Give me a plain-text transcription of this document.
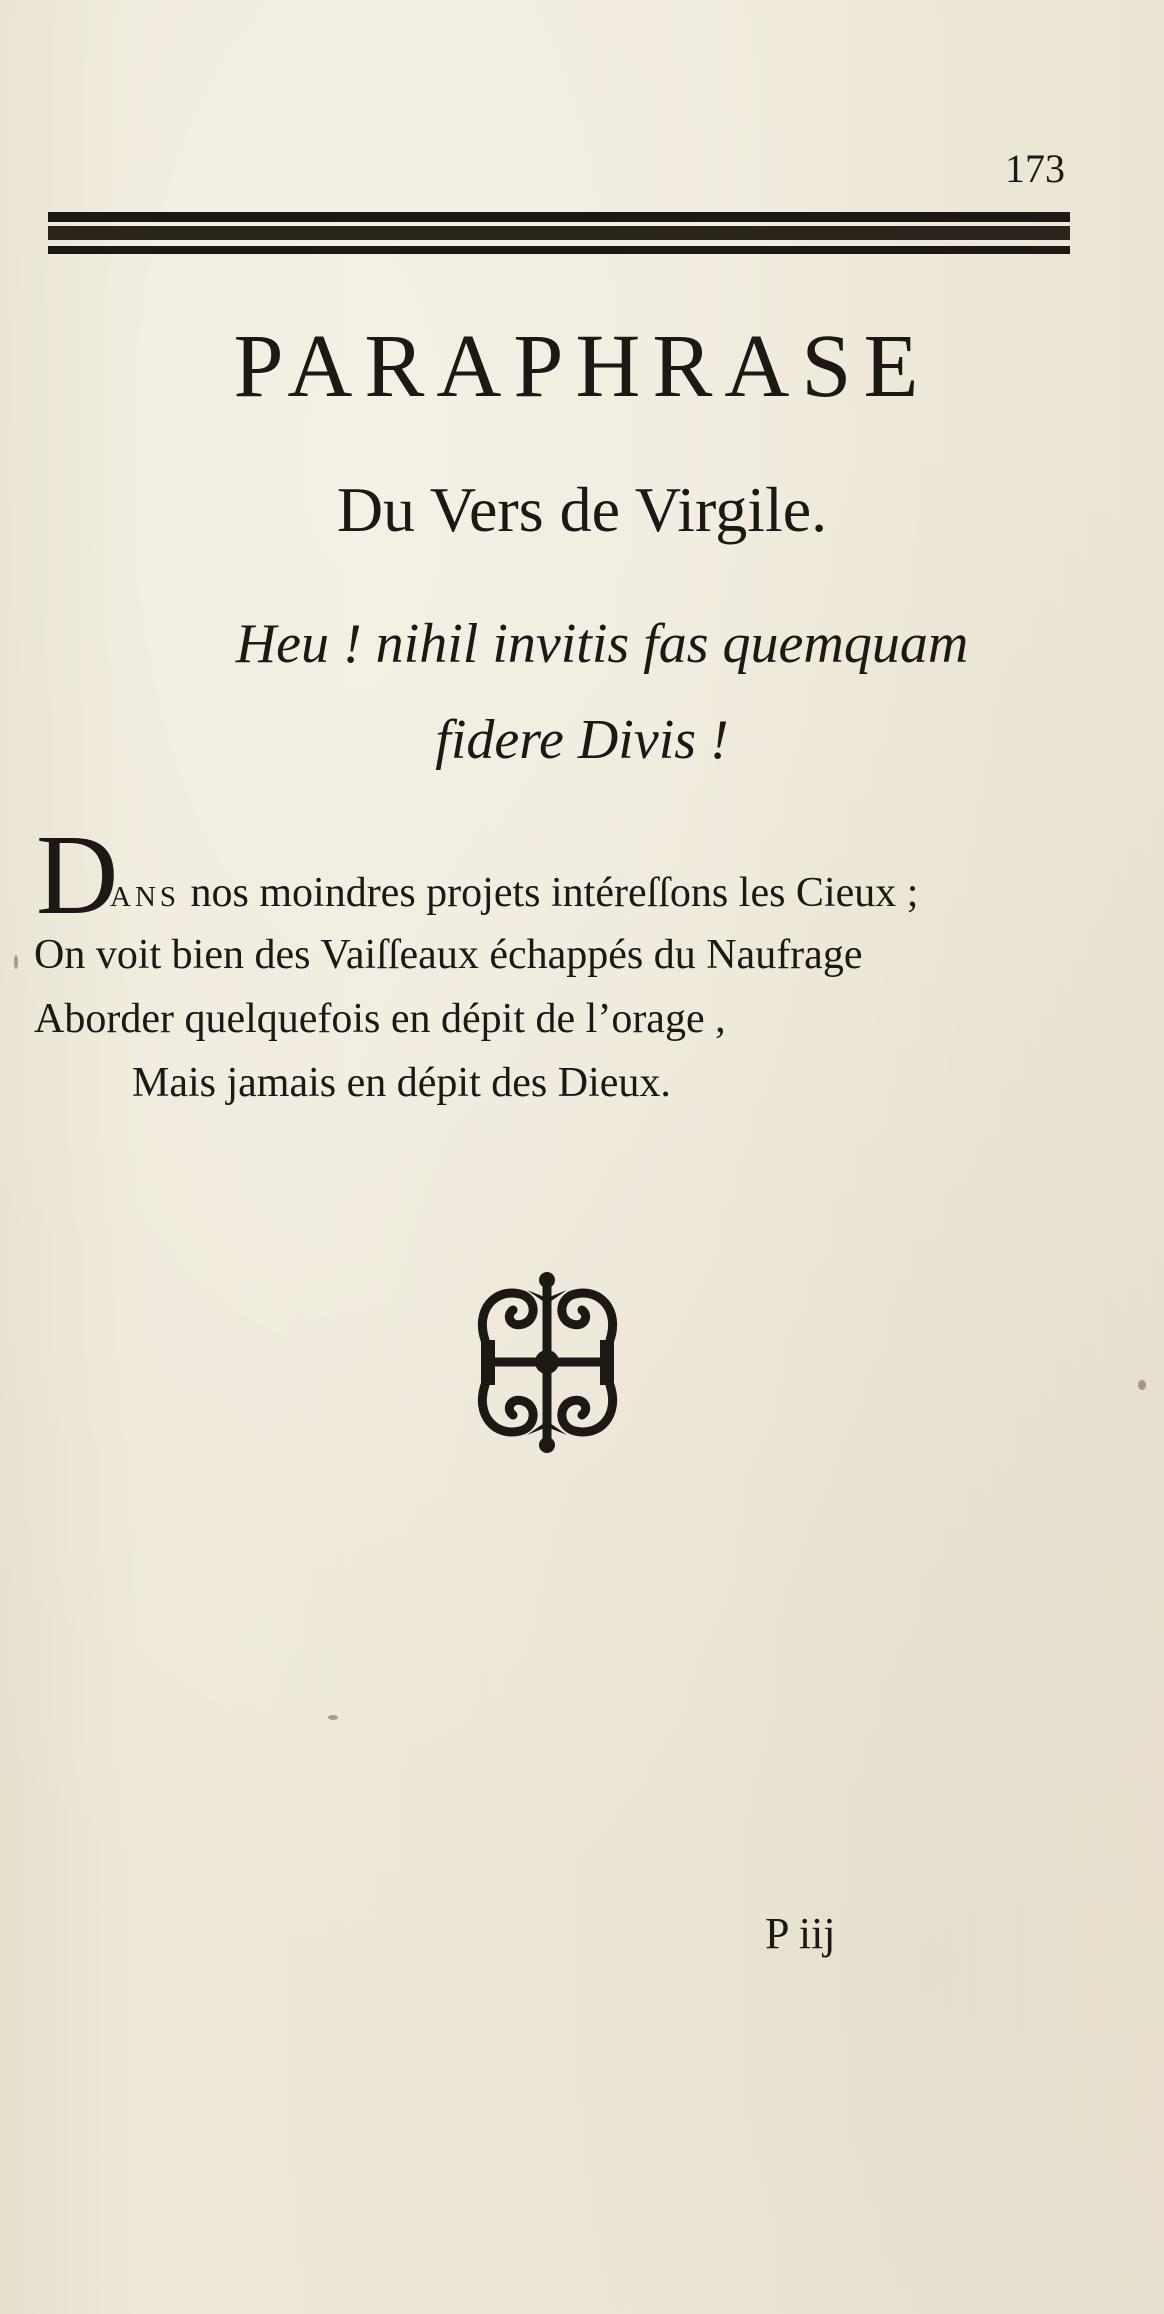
173
PARAPHRASE
Du Vers de Virgile.
Heu ! nihil invitis fas quemquam
fidere Divis !
D
ans nos moindres projets intéreſſons les Cieux ;
On voit bien des Vaiſſeaux échappés du Naufrage
Aborder quelquefois en dépit de l’orage ,
Mais jamais en dépit des Dieux.
P iij
